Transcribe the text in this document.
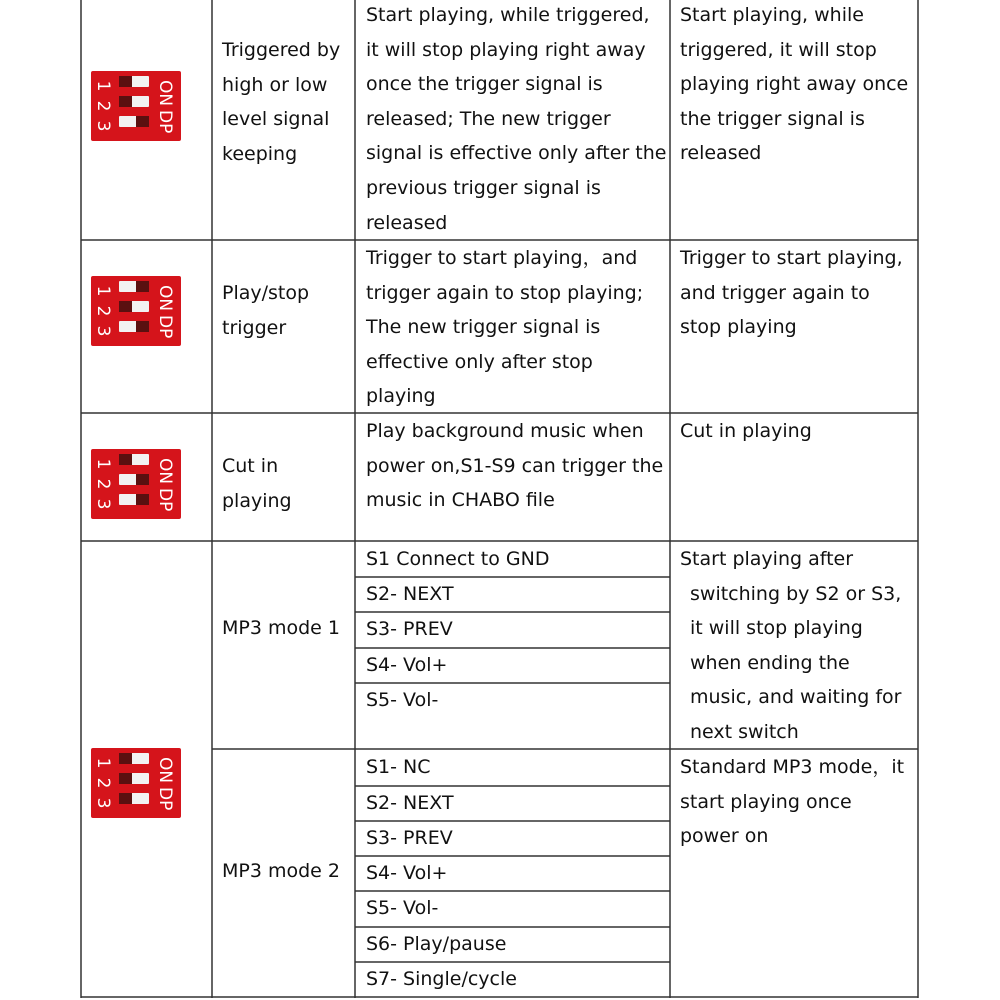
1
2
3
ON
DP
1
2
3
ON
DP
1
2
3
ON
DP
1
2
3
ON
DP
Triggered by
high or low
level signal
keeping
Start playing, while triggered,
it will stop playing right away
once the trigger signal is
released; The new trigger
signal is effective only after the
previous trigger signal is
released
Start playing, while
triggered, it will stop
playing right away once
the trigger signal is
released
Play/stop
trigger
Trigger to start playing，and
trigger again to stop playing;
The new trigger signal is
effective only after stop
playing
Trigger to start playing,
and trigger again to
stop playing
Cut in
playing
Play background music when
power on,S1-S9 can trigger the
music in CHABO file
Cut in playing
MP3 mode 1
S1 Connect to GND
S2- NEXT
S3- PREV
S4- Vol+
S5- Vol-
Start playing after
switching by S2 or S3,
it will stop playing
when ending the
music, and waiting for
next switch
MP3 mode 2
S1- NC
S2- NEXT
S3- PREV
S4- Vol+
S5- Vol-
S6- Play/pause
S7- Single/cycle
Standard MP3 mode，it
start playing once
power on
